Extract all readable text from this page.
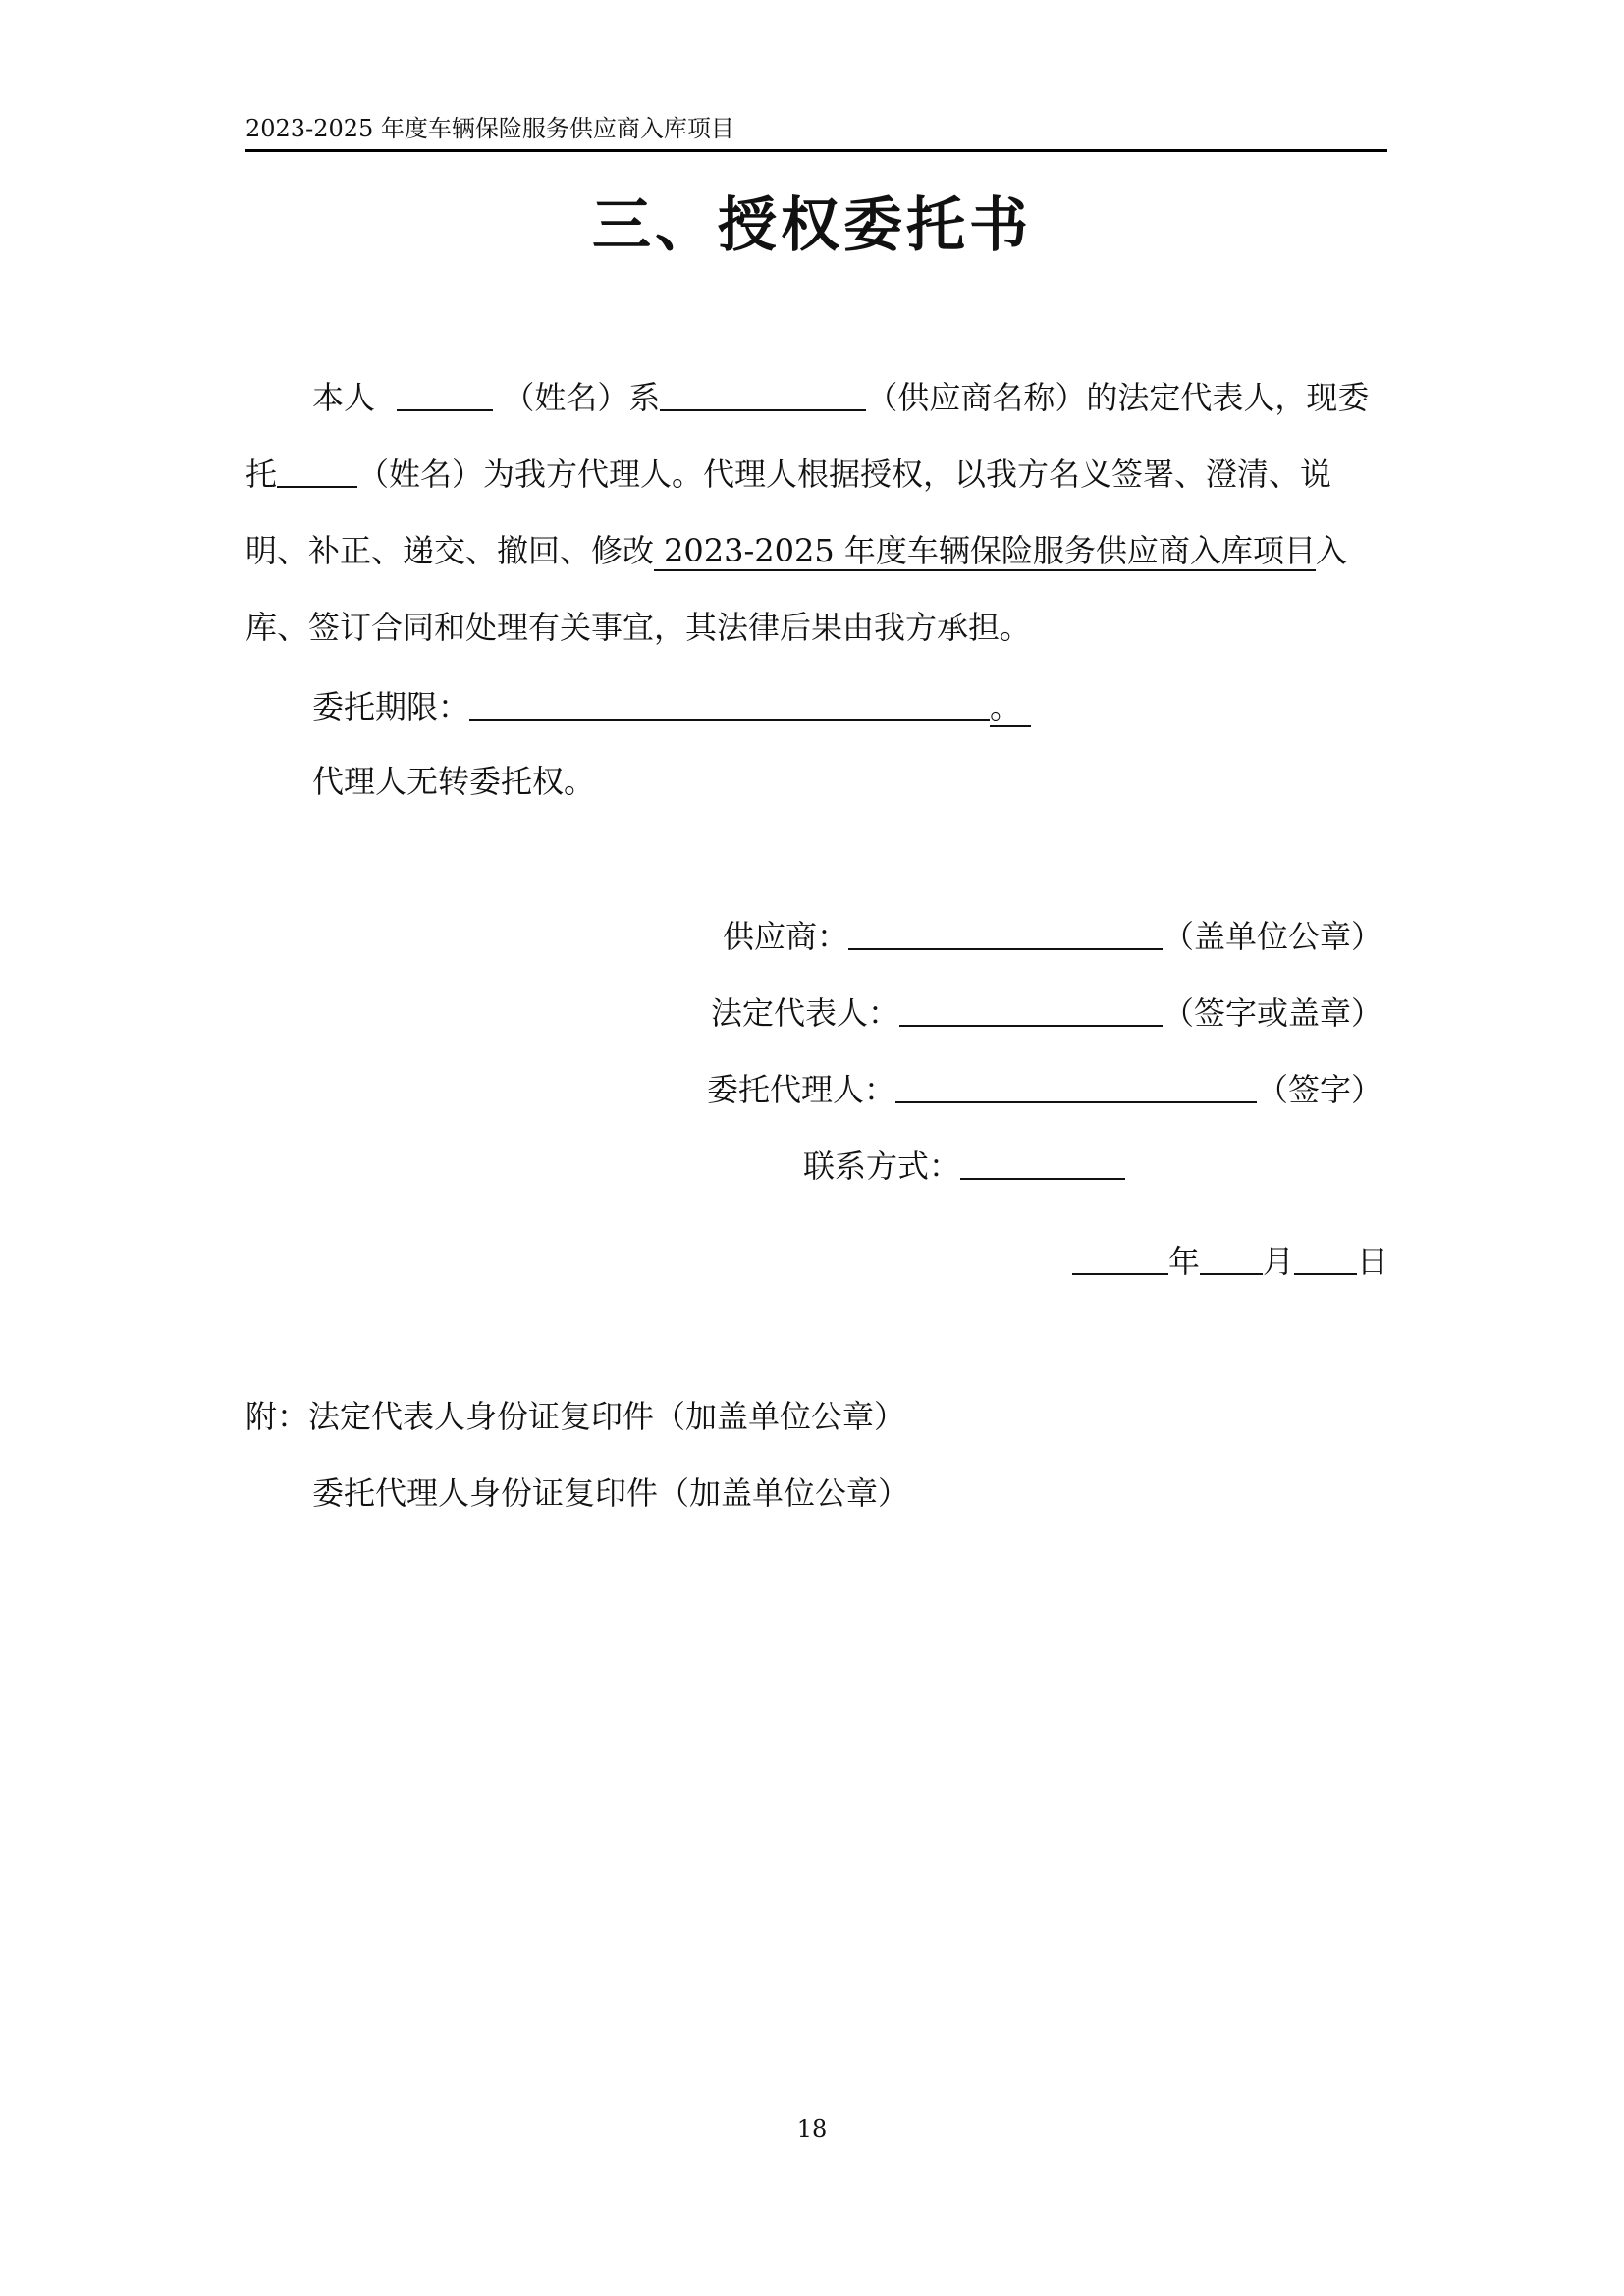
2023-2025 年度车辆保险服务供应商入库项目
三、授权委托书
本人	（姓名）系	（供应商名称）的法定代表人，现委
托	（姓名）为我方代理人。代理人根据授权，以我方名义签署、澄清、说
明、补正、递交、撤回、修改 2023-2025 年度车辆保险服务供应商入库项目入
库、签订合同和处理有关事宜，其法律后果由我方承担。
委托期限：	。
代理人无转委托权。
供应商：	（盖单位公章）
法定代表人：	（签字或盖章）
委托代理人：	（签字）
联系方式：
年 月 日
附：法定代表人身份证复印件（加盖单位公章）
委托代理人身份证复印件（加盖单位公章）
18
